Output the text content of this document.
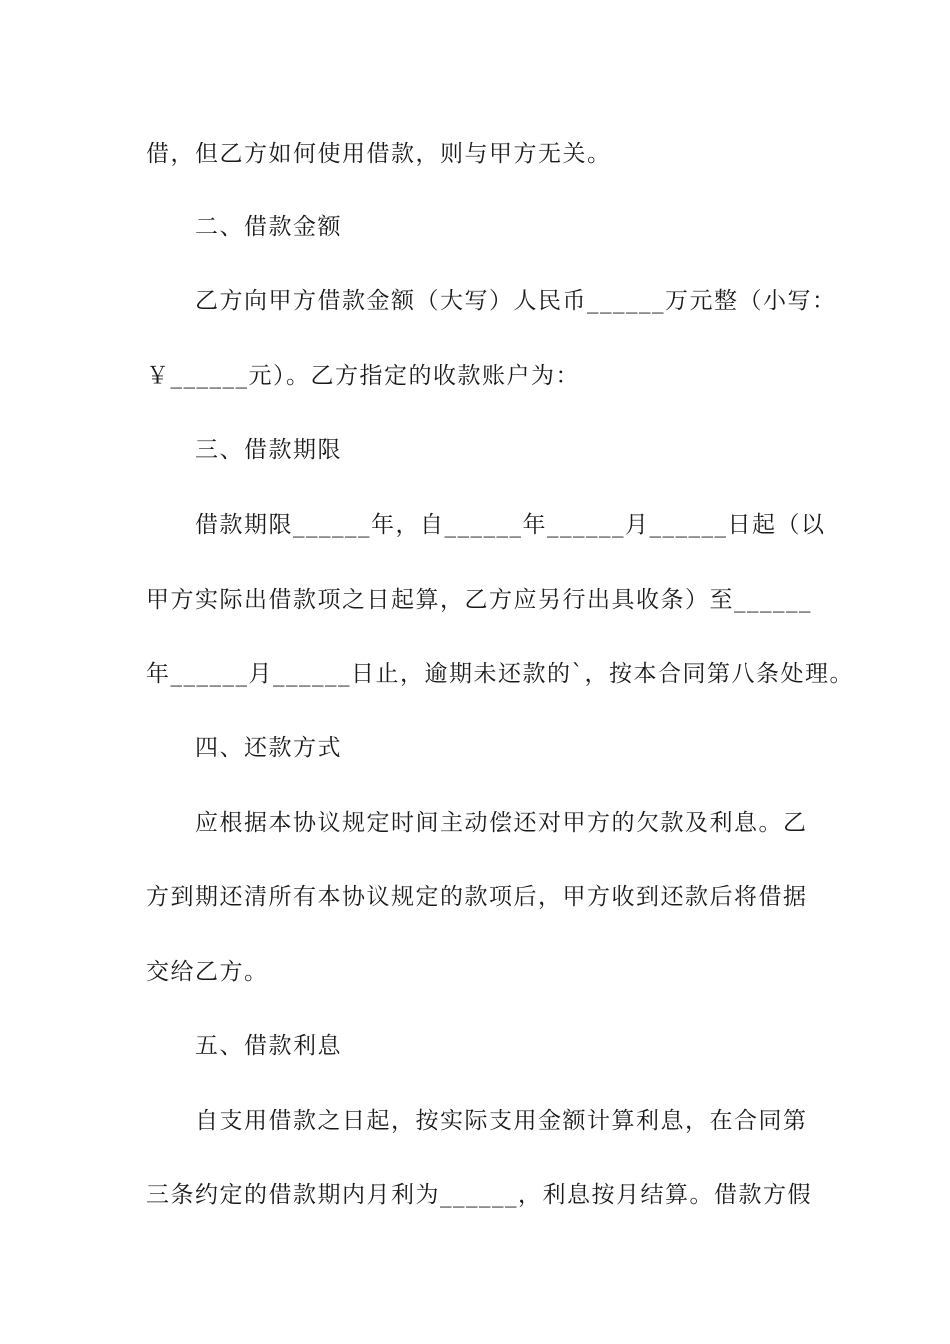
借，但乙方如何使用借款，则与甲方无关。
二、借款金额
乙方向甲方借款金额（大写）人民币______万元整（小写：
￥______元）。乙方指定的收款账户为：
三、借款期限
借款期限______年，自______年______月______日起（以
甲方实际出借款项之日起算，乙方应另行出具收条）至______
年______月______日止，逾期未还款的`，按本合同第八条处理。
四、还款方式
应根据本协议规定时间主动偿还对甲方的欠款及利息。乙
方到期还清所有本协议规定的款项后，甲方收到还款后将借据
交给乙方。
五、借款利息
自支用借款之日起，按实际支用金额计算利息，在合同第
三条约定的借款期内月利为______，利息按月结算。借款方假
